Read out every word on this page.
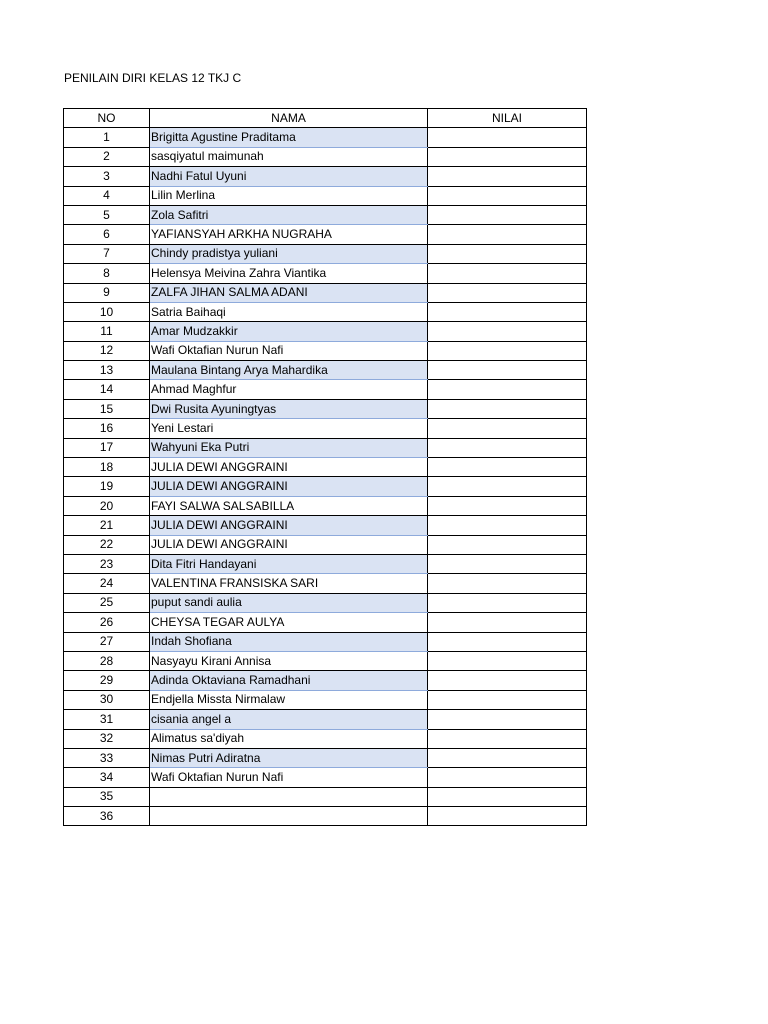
PENILAIN DIRI KELAS 12 TKJ C
NO	NAMA	NILAI
1	Brigitta Agustine Praditama	
2	sasqiyatul maimunah	
3	Nadhi Fatul Uyuni	
4	Lilin Merlina	
5	Zola Safitri	
6	YAFIANSYAH ARKHA NUGRAHA	
7	Chindy pradistya yuliani	
8	Helensya Meivina Zahra Viantika	
9	ZALFA JIHAN SALMA ADANI	
10	Satria Baihaqi	
11	Amar Mudzakkir	
12	Wafi Oktafian Nurun Nafi	
13	Maulana Bintang Arya Mahardika	
14	Ahmad Maghfur	
15	Dwi Rusita Ayuningtyas	
16	Yeni Lestari	
17	Wahyuni Eka Putri	
18	JULIA DEWI ANGGRAINI	
19	JULIA DEWI ANGGRAINI	
20	FAYI SALWA SALSABILLA	
21	JULIA DEWI ANGGRAINI	
22	JULIA DEWI ANGGRAINI	
23	Dita Fitri Handayani	
24	VALENTINA FRANSISKA SARI	
25	puput sandi aulia	
26	CHEYSA TEGAR AULYA	
27	Indah Shofiana	
28	Nasyayu Kirani Annisa	
29	Adinda Oktaviana Ramadhani	
30	Endjella Missta Nirmalaw	
31	cisania angel a	
32	Alimatus sa'diyah	
33	Nimas Putri Adiratna	
34	Wafi Oktafian Nurun Nafi	
35		
36		
